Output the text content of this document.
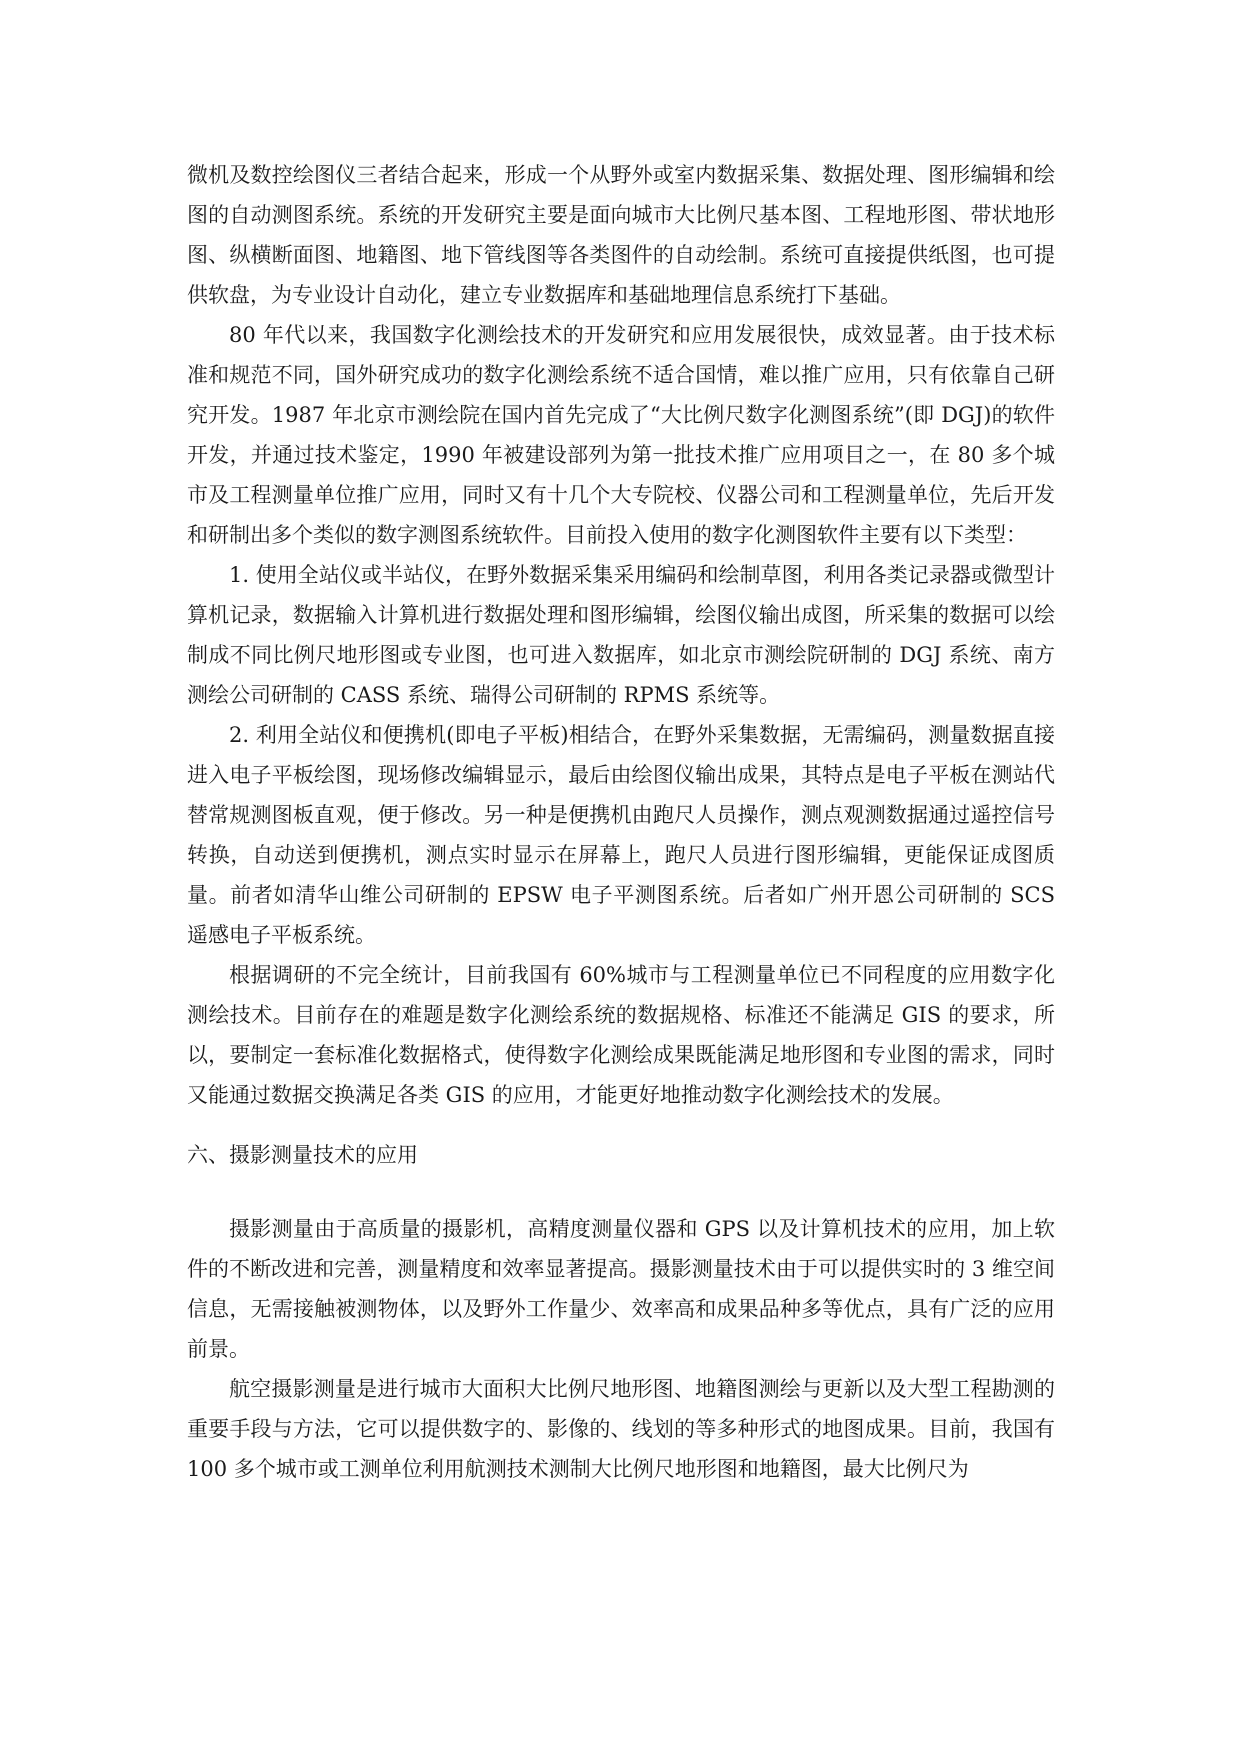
微机及数控绘图仪三者结合起来，形成一个从野外或室内数据采集、数据处理、图形编辑和绘图的自动测图系统。系统的开发研究主要是面向城市大比例尺基本图、工程地形图、带状地形图、纵横断面图、地籍图、地下管线图等各类图件的自动绘制。系统可直接提供纸图，也可提供软盘，为专业设计自动化，建立专业数据库和基础地理信息系统打下基础。

80 年代以来，我国数字化测绘技术的开发研究和应用发展很快，成效显著。由于技术标准和规范不同，国外研究成功的数字化测绘系统不适合国情，难以推广应用，只有依靠自己研究开发。1987 年北京市测绘院在国内首先完成了“大比例尺数字化测图系统”(即 DGJ)的软件开发，并通过技术鉴定，1990 年被建设部列为第一批技术推广应用项目之一，在 80 多个城市及工程测量单位推广应用，同时又有十几个大专院校、仪器公司和工程测量单位，先后开发和研制出多个类似的数字测图系统软件。目前投入使用的数字化测图软件主要有以下类型：

1. 使用全站仪或半站仪，在野外数据采集采用编码和绘制草图，利用各类记录器或微型计算机记录，数据输入计算机进行数据处理和图形编辑，绘图仪输出成图，所采集的数据可以绘制成不同比例尺地形图或专业图，也可进入数据库，如北京市测绘院研制的 DGJ 系统、南方测绘公司研制的 CASS 系统、瑞得公司研制的 RPMS 系统等。

2. 利用全站仪和便携机(即电子平板)相结合，在野外采集数据，无需编码，测量数据直接进入电子平板绘图，现场修改编辑显示，最后由绘图仪输出成果，其特点是电子平板在测站代替常规测图板直观，便于修改。另一种是便携机由跑尺人员操作，测点观测数据通过遥控信号转换，自动送到便携机，测点实时显示在屏幕上，跑尺人员进行图形编辑，更能保证成图质量。前者如清华山维公司研制的 EPSW 电子平测图系统。后者如广州开恩公司研制的 SCS 遥感电子平板系统。

根据调研的不完全统计，目前我国有 60%城市与工程测量单位已不同程度的应用数字化测绘技术。目前存在的难题是数字化测绘系统的数据规格、标准还不能满足 GIS 的要求，所以，要制定一套标准化数据格式，使得数字化测绘成果既能满足地形图和专业图的需求，同时又能通过数据交换满足各类 GIS 的应用，才能更好地推动数字化测绘技术的发展。

六、摄影测量技术的应用

摄影测量由于高质量的摄影机，高精度测量仪器和 GPS 以及计算机技术的应用，加上软件的不断改进和完善，测量精度和效率显著提高。摄影测量技术由于可以提供实时的 3 维空间信息，无需接触被测物体，以及野外工作量少、效率高和成果品种多等优点，具有广泛的应用前景。

航空摄影测量是进行城市大面积大比例尺地形图、地籍图测绘与更新以及大型工程勘测的重要手段与方法，它可以提供数字的、影像的、线划的等多种形式的地图成果。目前，我国有 100 多个城市或工测单位利用航测技术测制大比例尺地形图和地籍图，最大比例尺为
